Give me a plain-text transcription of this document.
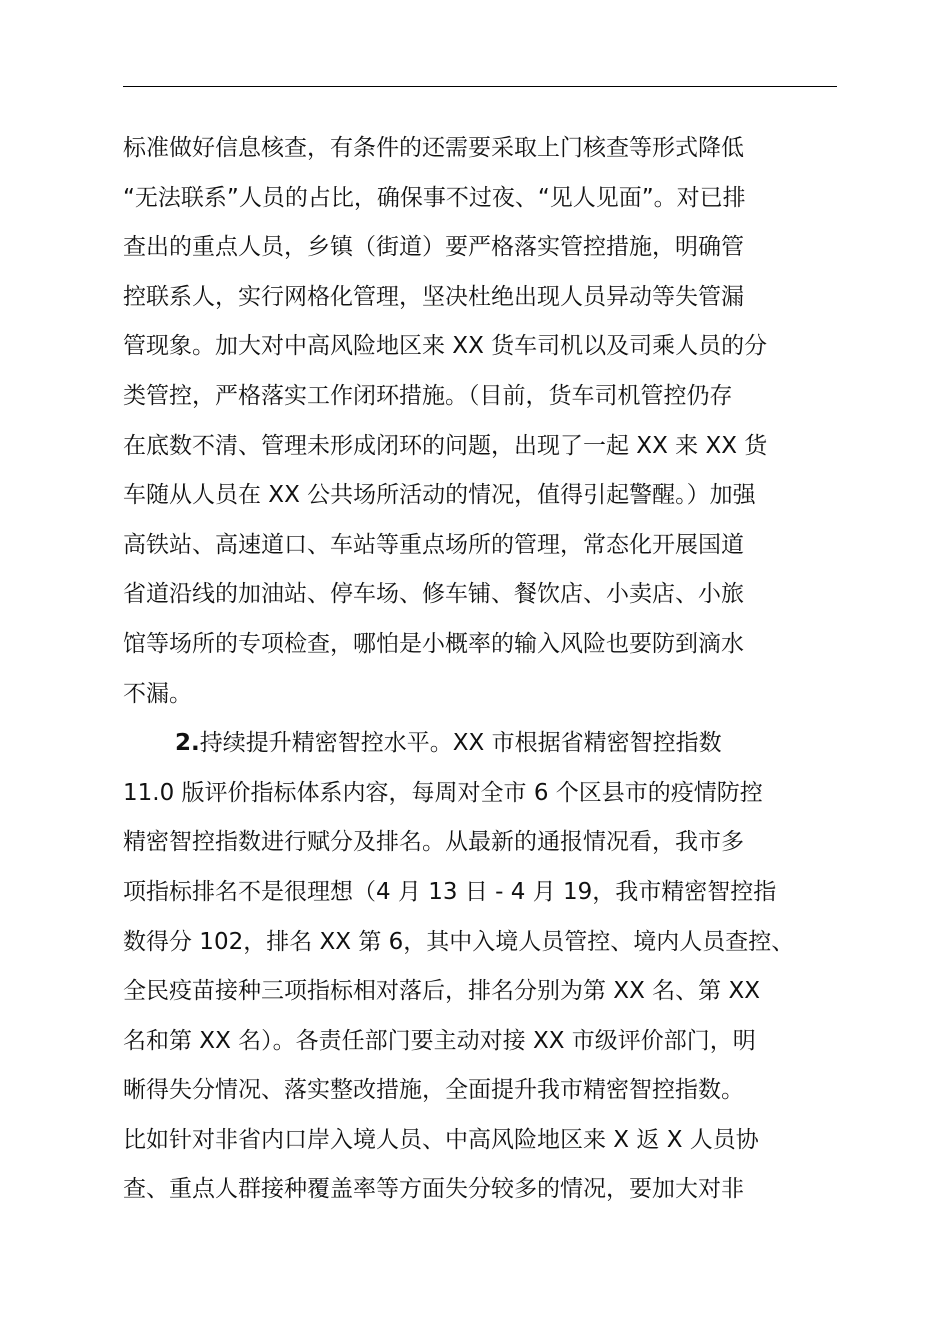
标准做好信息核查，有条件的还需要采取上门核查等形式降低
“无法联系”人员的占比，确保事不过夜、“见人见面”。对已排
查出的重点人员，乡镇（街道）要严格落实管控措施，明确管
控联系人，实行网格化管理，坚决杜绝出现人员异动等失管漏
管现象。加大对中高风险地区来 XX 货车司机以及司乘人员的分
类管控，严格落实工作闭环措施。（目前，货车司机管控仍存
在底数不清、管理未形成闭环的问题，出现了一起 XX 来 XX 货
车随从人员在 XX 公共场所活动的情况，值得引起警醒。）加强
高铁站、高速道口、车站等重点场所的管理，常态化开展国道
省道沿线的加油站、停车场、修车铺、餐饮店、小卖店、小旅
馆等场所的专项检查，哪怕是小概率的输入风险也要防到滴水
不漏。
2.持续提升精密智控水平。XX 市根据省精密智控指数
11.0 版评价指标体系内容，每周对全市 6 个区县市的疫情防控
精密智控指数进行赋分及排名。从最新的通报情况看，我市多
项指标排名不是很理想（4 月 13 日 - 4 月 19，我市精密智控指
数得分 102，排名 XX 第 6，其中入境人员管控、境内人员查控、
全民疫苗接种三项指标相对落后，排名分别为第 XX 名、第 XX
名和第 XX 名）。各责任部门要主动对接 XX 市级评价部门，明
晰得失分情况、落实整改措施，全面提升我市精密智控指数。
比如针对非省内口岸入境人员、中高风险地区来 X 返 X 人员协
查、重点人群接种覆盖率等方面失分较多的情况，要加大对非
